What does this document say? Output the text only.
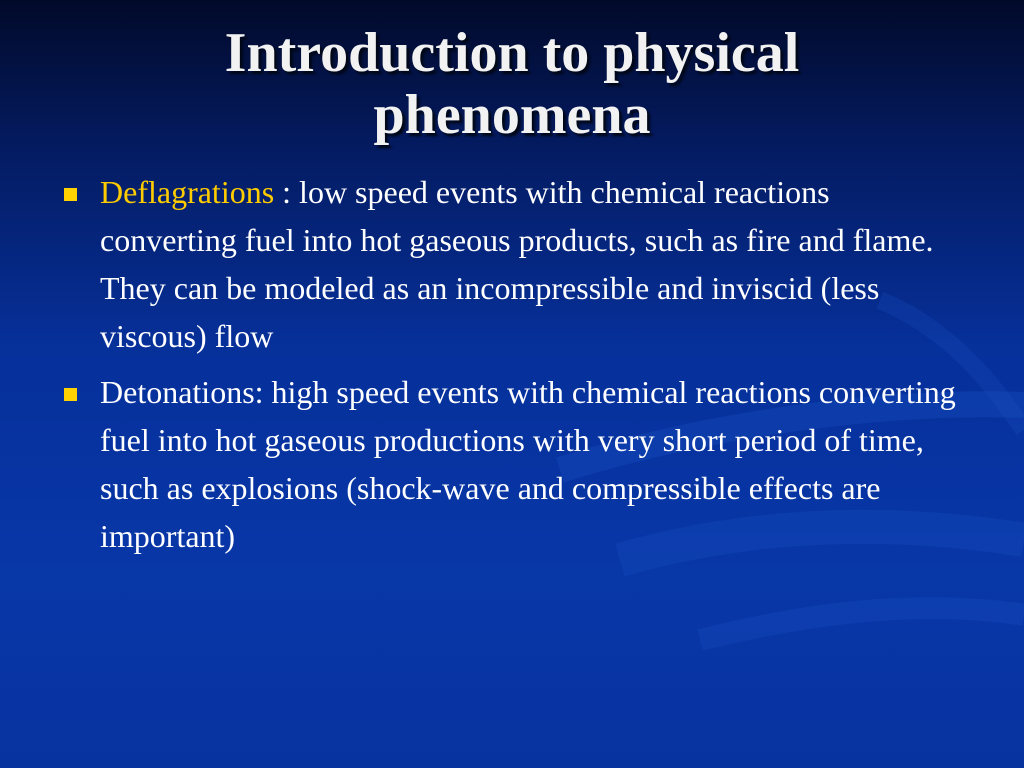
Introduction to physical phenomena
Deflagrations : low speed events with chemical reactions converting fuel into hot gaseous products, such as fire and flame. They can be modeled as an incompressible and inviscid (less viscous) flow
Detonations: high speed events with chemical reactions converting fuel into hot gaseous productions with very short period of time, such as explosions (shock-wave and compressible effects are important)
